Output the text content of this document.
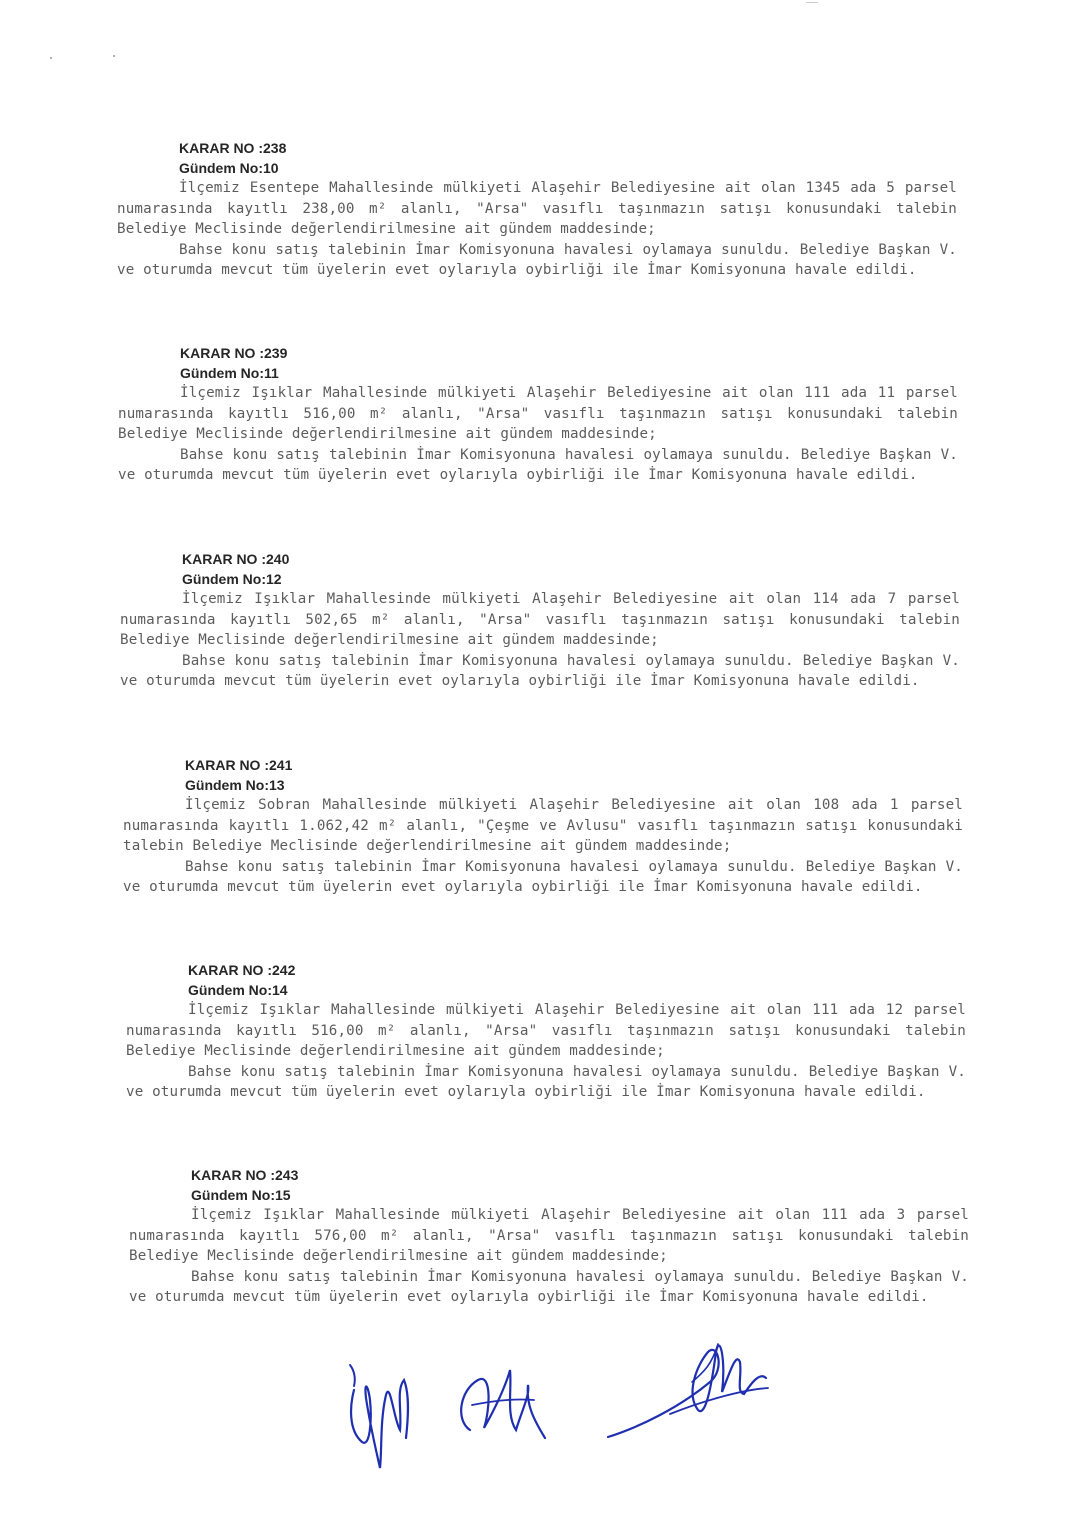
KARAR NO :238
Gündem No:10

İlçemiz Esentepe Mahallesinde mülkiyeti Alaşehir Belediyesine ait olan 1345 ada 5 parsel numarasında kayıtlı 238,00 m² alanlı, "Arsa" vasıflı taşınmazın satışı konusundaki talebin Belediye Meclisinde değerlendirilmesine ait gündem maddesinde;

Bahse konu satış talebinin İmar Komisyonuna havalesi oylamaya sunuldu. Belediye Başkan V. ve oturumda mevcut tüm üyelerin evet oylarıyla oybirliği ile İmar Komisyonuna havale edildi.

KARAR NO :239
Gündem No:11

İlçemiz Işıklar Mahallesinde mülkiyeti Alaşehir Belediyesine ait olan 111 ada 11 parsel numarasında kayıtlı 516,00 m² alanlı, "Arsa" vasıflı taşınmazın satışı konusundaki talebin Belediye Meclisinde değerlendirilmesine ait gündem maddesinde;

Bahse konu satış talebinin İmar Komisyonuna havalesi oylamaya sunuldu. Belediye Başkan V. ve oturumda mevcut tüm üyelerin evet oylarıyla oybirliği ile İmar Komisyonuna havale edildi.

KARAR NO :240
Gündem No:12

İlçemiz Işıklar Mahallesinde mülkiyeti Alaşehir Belediyesine ait olan 114 ada 7 parsel numarasında kayıtlı 502,65 m² alanlı, "Arsa" vasıflı taşınmazın satışı konusundaki talebin Belediye Meclisinde değerlendirilmesine ait gündem maddesinde;

Bahse konu satış talebinin İmar Komisyonuna havalesi oylamaya sunuldu. Belediye Başkan V. ve oturumda mevcut tüm üyelerin evet oylarıyla oybirliği ile İmar Komisyonuna havale edildi.

KARAR NO :241
Gündem No:13

İlçemiz Sobran Mahallesinde mülkiyeti Alaşehir Belediyesine ait olan 108 ada 1 parsel numarasında kayıtlı 1.062,42 m² alanlı, "Çeşme ve Avlusu" vasıflı taşınmazın satışı konusundaki talebin Belediye Meclisinde değerlendirilmesine ait gündem maddesinde;

Bahse konu satış talebinin İmar Komisyonuna havalesi oylamaya sunuldu. Belediye Başkan V. ve oturumda mevcut tüm üyelerin evet oylarıyla oybirliği ile İmar Komisyonuna havale edildi.

KARAR NO :242
Gündem No:14

İlçemiz Işıklar Mahallesinde mülkiyeti Alaşehir Belediyesine ait olan 111 ada 12 parsel numarasında kayıtlı 516,00 m² alanlı, "Arsa" vasıflı taşınmazın satışı konusundaki talebin Belediye Meclisinde değerlendirilmesine ait gündem maddesinde;

Bahse konu satış talebinin İmar Komisyonuna havalesi oylamaya sunuldu. Belediye Başkan V. ve oturumda mevcut tüm üyelerin evet oylarıyla oybirliği ile İmar Komisyonuna havale edildi.

KARAR NO :243
Gündem No:15

İlçemiz Işıklar Mahallesinde mülkiyeti Alaşehir Belediyesine ait olan 111 ada 3 parsel numarasında kayıtlı 576,00 m² alanlı, "Arsa" vasıflı taşınmazın satışı konusundaki talebin Belediye Meclisinde değerlendirilmesine ait gündem maddesinde;

Bahse konu satış talebinin İmar Komisyonuna havalesi oylamaya sunuldu. Belediye Başkan V. ve oturumda mevcut tüm üyelerin evet oylarıyla oybirliği ile İmar Komisyonuna havale edildi.
